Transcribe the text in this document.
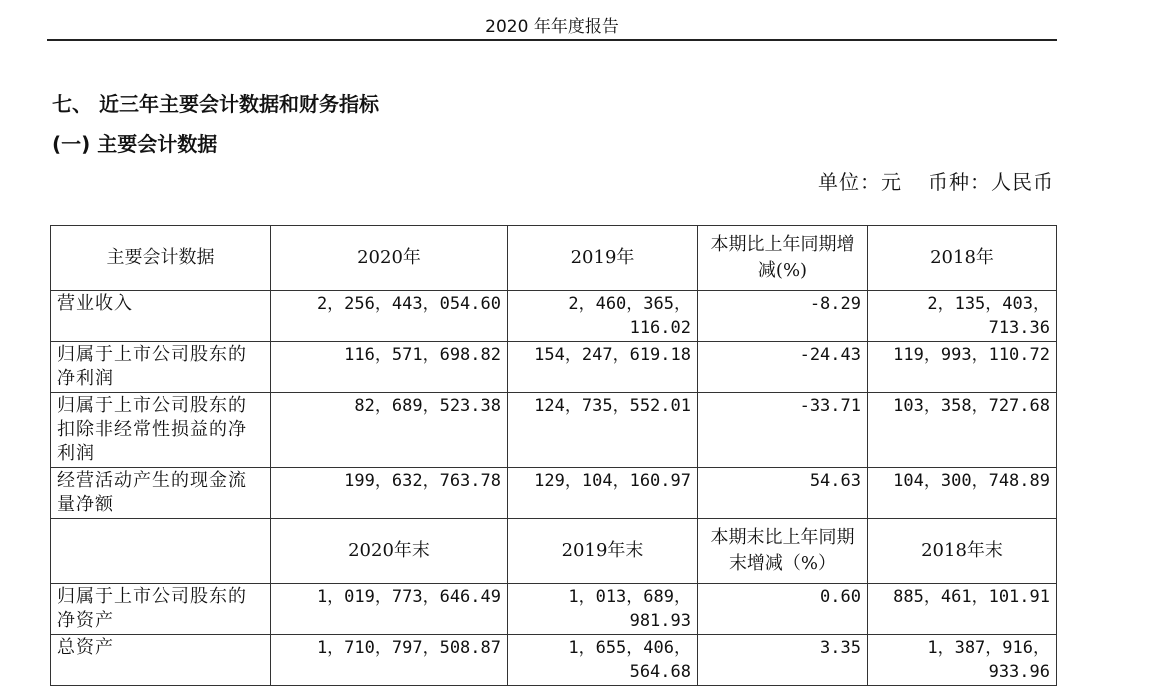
2020 年年度报告
七、 近三年主要会计数据和财务指标
(一) 主要会计数据
单位：元 币种：人民币
主要会计数据	2020年	2019年	本期比上年同期增减(%)	2018年
营业收入	2，256，443，054.60	2，460，365，116.02	-8.29	2，135，403，713.36
归属于上市公司股东的净利润	116，571，698.82	154，247，619.18	-24.43	119，993，110.72
归属于上市公司股东的扣除非经常性损益的净利润	82，689，523.38	124，735，552.01	-33.71	103，358，727.68
经营活动产生的现金流量净额	199，632，763.78	129，104，160.97	54.63	104，300，748.89
	2020年末	2019年末	本期末比上年同期末增减（%）	2018年末
归属于上市公司股东的净资产	1，019，773，646.49	1，013，689，981.93	0.60	885，461，101.91
总资产	1，710，797，508.87	1，655，406，564.68	3.35	1，387，916，933.96
